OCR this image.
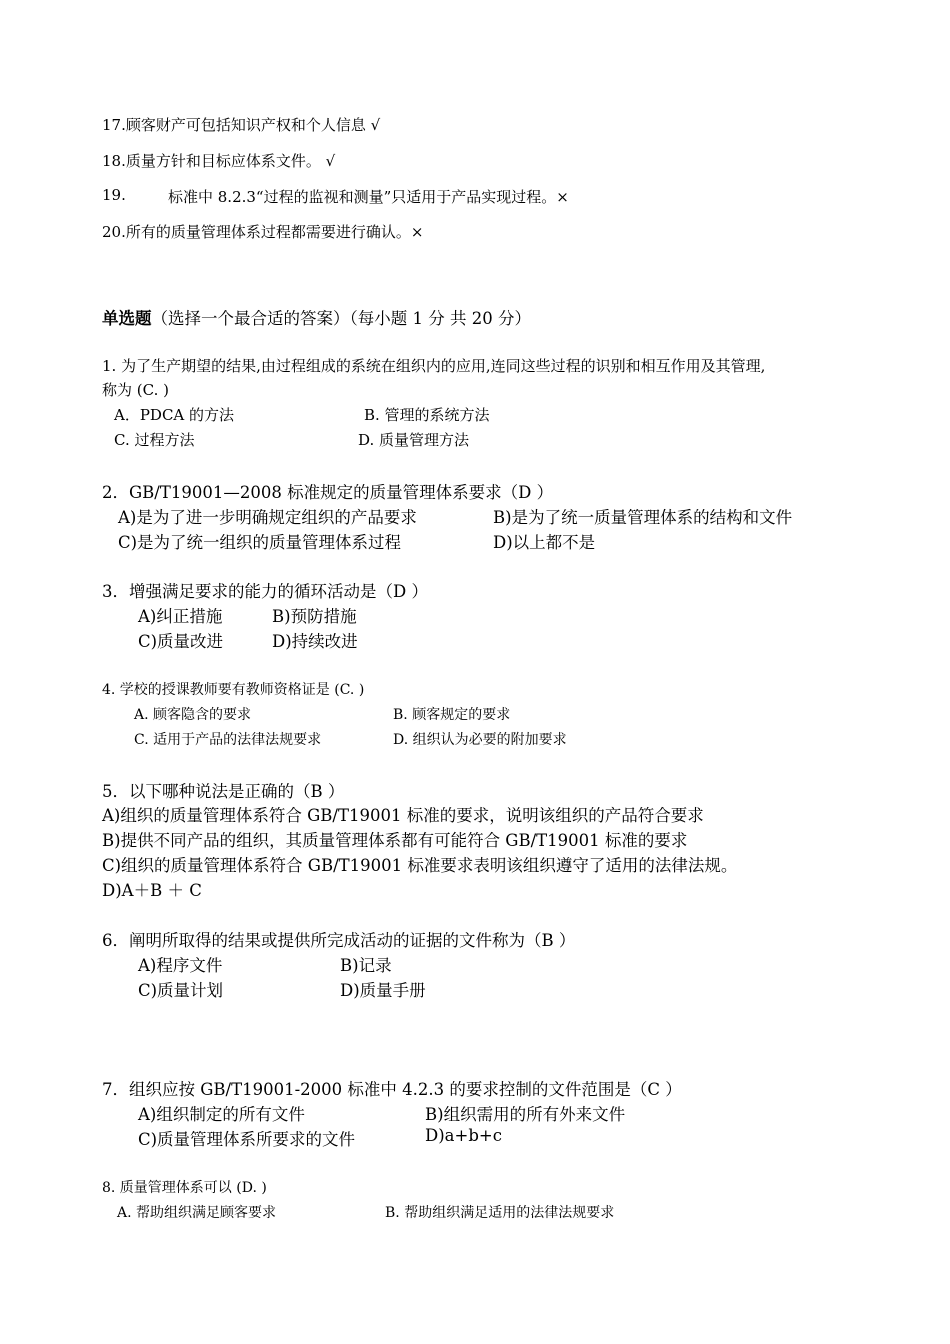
17.顾客财产可包括知识产权和个人信息 √
18.质量方针和目标应体系文件。 √
19.	标准中 8.2.3“过程的监视和测量”只适用于产品实现过程。×
20.所有的质量管理体系过程都需要进行确认。×
单选题（选择一个最合适的答案）（每小题 1 分 共 20 分）
1. 为了生产期望的结果,由过程组成的系统在组织内的应用,连同这些过程的识别和相互作用及其管理,
称为 (C. )
A．PDCA 的方法	B. 管理的系统方法
C. 过程方法	D. 质量管理方法
2．GB/T19001—2008 标准规定的质量管理体系要求（D ）
A)是为了进一步明确规定组织的产品要求	B)是为了统一质量管理体系的结构和文件
C)是为了统一组织的质量管理体系过程	D)以上都不是
3．增强满足要求的能力的循环活动是（D ）
A)纠正措施	B)预防措施
C)质量改进	D)持续改进
4. 学校的授课教师要有教师资格证是 (C. )
A. 顾客隐含的要求	B. 顾客规定的要求
C. 适用于产品的法律法规要求	D. 组织认为必要的附加要求
5．以下哪种说法是正确的（B ）
A)组织的质量管理体系符合 GB/T19001 标准的要求，说明该组织的产品符合要求
B)提供不同产品的组织，其质量管理体系都有可能符合 GB/T19001 标准的要求
C)组织的质量管理体系符合 GB/T19001 标准要求表明该组织遵守了适用的法律法规。
D)A＋B ＋ C
6．阐明所取得的结果或提供所完成活动的证据的文件称为（B ）
A)程序文件	B)记录
C)质量计划	D)质量手册
7．组织应按 GB/T19001-2000 标准中 4.2.3 的要求控制的文件范围是（C ）
A)组织制定的所有文件	B)组织需用的所有外来文件
C)质量管理体系所要求的文件	D)a+b+c
8. 质量管理体系可以 (D. )
A. 帮助组织满足顾客要求	B. 帮助组织满足适用的法律法规要求
